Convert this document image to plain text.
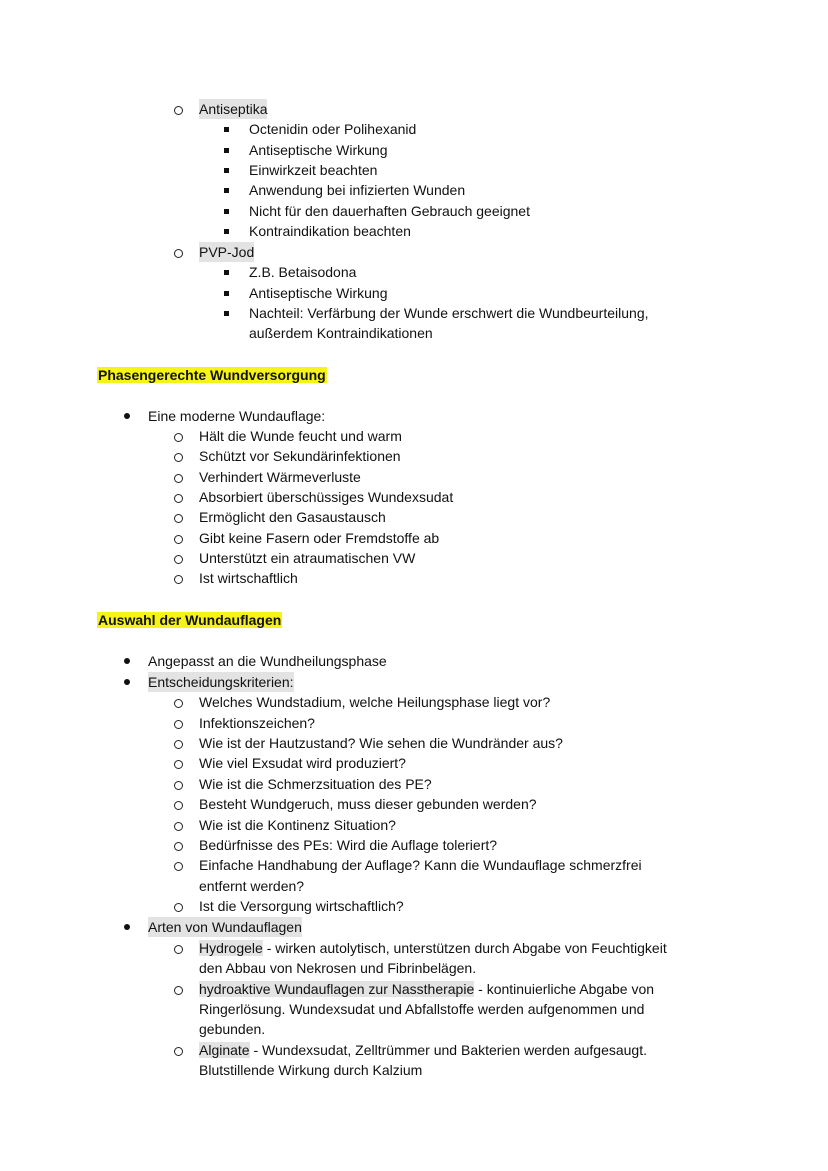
Antiseptika
Octenidin oder Polihexanid
Antiseptische Wirkung
Einwirkzeit beachten
Anwendung bei infizierten Wunden
Nicht für den dauerhaften Gebrauch geeignet
Kontraindikation beachten
PVP-Jod
Z.B. Betaisodona
Antiseptische Wirkung
Nachteil: Verfärbung der Wunde erschwert die Wundbeurteilung,
außerdem Kontraindikationen
Phasengerechte Wundversorgung
Eine moderne Wundauflage:
Hält die Wunde feucht und warm
Schützt vor Sekundärinfektionen
Verhindert Wärmeverluste
Absorbiert überschüssiges Wundexsudat
Ermöglicht den Gasaustausch
Gibt keine Fasern oder Fremdstoffe ab
Unterstützt ein atraumatischen VW
Ist wirtschaftlich
Auswahl der Wundauflagen
Angepasst an die Wundheilungsphase
Entscheidungskriterien:
Welches Wundstadium, welche Heilungsphase liegt vor?
Infektionszeichen?
Wie ist der Hautzustand? Wie sehen die Wundränder aus?
Wie viel Exsudat wird produziert?
Wie ist die Schmerzsituation des PE?
Besteht Wundgeruch, muss dieser gebunden werden?
Wie ist die Kontinenz Situation?
Bedürfnisse des PEs: Wird die Auflage toleriert?
Einfache Handhabung der Auflage? Kann die Wundauflage schmerzfrei
entfernt werden?
Ist die Versorgung wirtschaftlich?
Arten von Wundauflagen
Hydrogele - wirken autolytisch, unterstützen durch Abgabe von Feuchtigkeit
den Abbau von Nekrosen und Fibrinbelägen.
hydroaktive Wundauflagen zur Nasstherapie - kontinuierliche Abgabe von
Ringerlösung. Wundexsudat und Abfallstoffe werden aufgenommen und
gebunden.
Alginate - Wundexsudat, Zelltrümmer und Bakterien werden aufgesaugt.
Blutstillende Wirkung durch Kalzium
